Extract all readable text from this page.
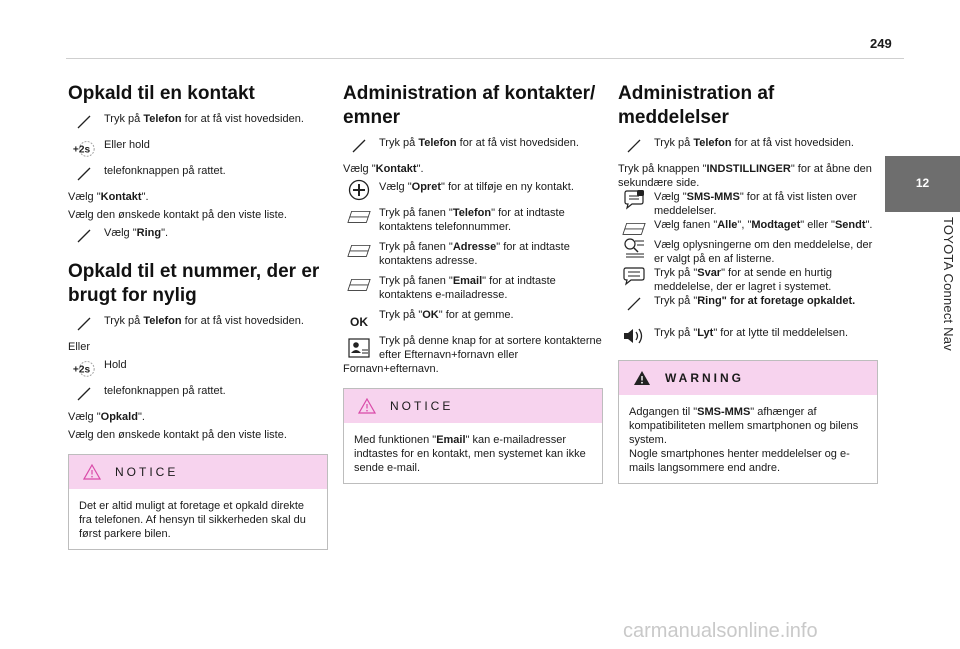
249
12
TOYOTA Connect Nav
Opkald til en kontakt
Tryk på Telefon for at få vist hovedsiden.
+2s Eller hold
telefonknappen på rattet.
Vælg "Kontakt".
Vælg den ønskede kontakt på den viste liste.
Vælg "Ring".
Opkald til et nummer, der er brugt for nylig
Tryk på Telefon for at få vist hovedsiden.
Eller
+2s Hold
telefonknappen på rattet.
Vælg "Opkald".
Vælg den ønskede kontakt på den viste liste.
NOTICE
Det er altid muligt at foretage et opkald direkte fra telefonen. Af hensyn til sikkerheden skal du først parkere bilen.
Administration af kontakter/ emner
Tryk på Telefon for at få vist hovedsiden.
Vælg "Kontakt".
Vælg "Opret" for at tilføje en ny kontakt.
Tryk på fanen "Telefon" for at indtaste kontaktens telefonnummer.
Tryk på fanen "Adresse" for at indtaste kontaktens adresse.
Tryk på fanen "Email" for at indtaste kontaktens e-mailadresse.
OK Tryk på "OK" for at gemme.
Tryk på denne knap for at sortere kontakterne efter Efternavn+fornavn eller
Fornavn+efternavn.
NOTICE
Med funktionen "Email" kan e-mailadresser indtastes for en kontakt, men systemet kan ikke sende e-mail.
Administration af meddelelser
Tryk på Telefon for at få vist hovedsiden.
Tryk på knappen "INDSTILLINGER" for at åbne den sekundære side.
Vælg "SMS-MMS" for at få vist listen over meddelelser.
Vælg fanen "Alle", "Modtaget" eller "Sendt".
Vælg oplysningerne om den meddelelse, der er valgt på en af listerne.
Tryk på "Svar" for at sende en hurtig meddelelse, der er lagret i systemet.
Tryk på "Ring" for at foretage opkaldet.
Tryk på "Lyt" for at lytte til meddelelsen.
WARNING
Adgangen til "SMS-MMS" afhænger af kompatibiliteten mellem smartphonen og bilens system.
Nogle smartphones henter meddelelser og e-mails langsommere end andre.
carmanualsonline.info
